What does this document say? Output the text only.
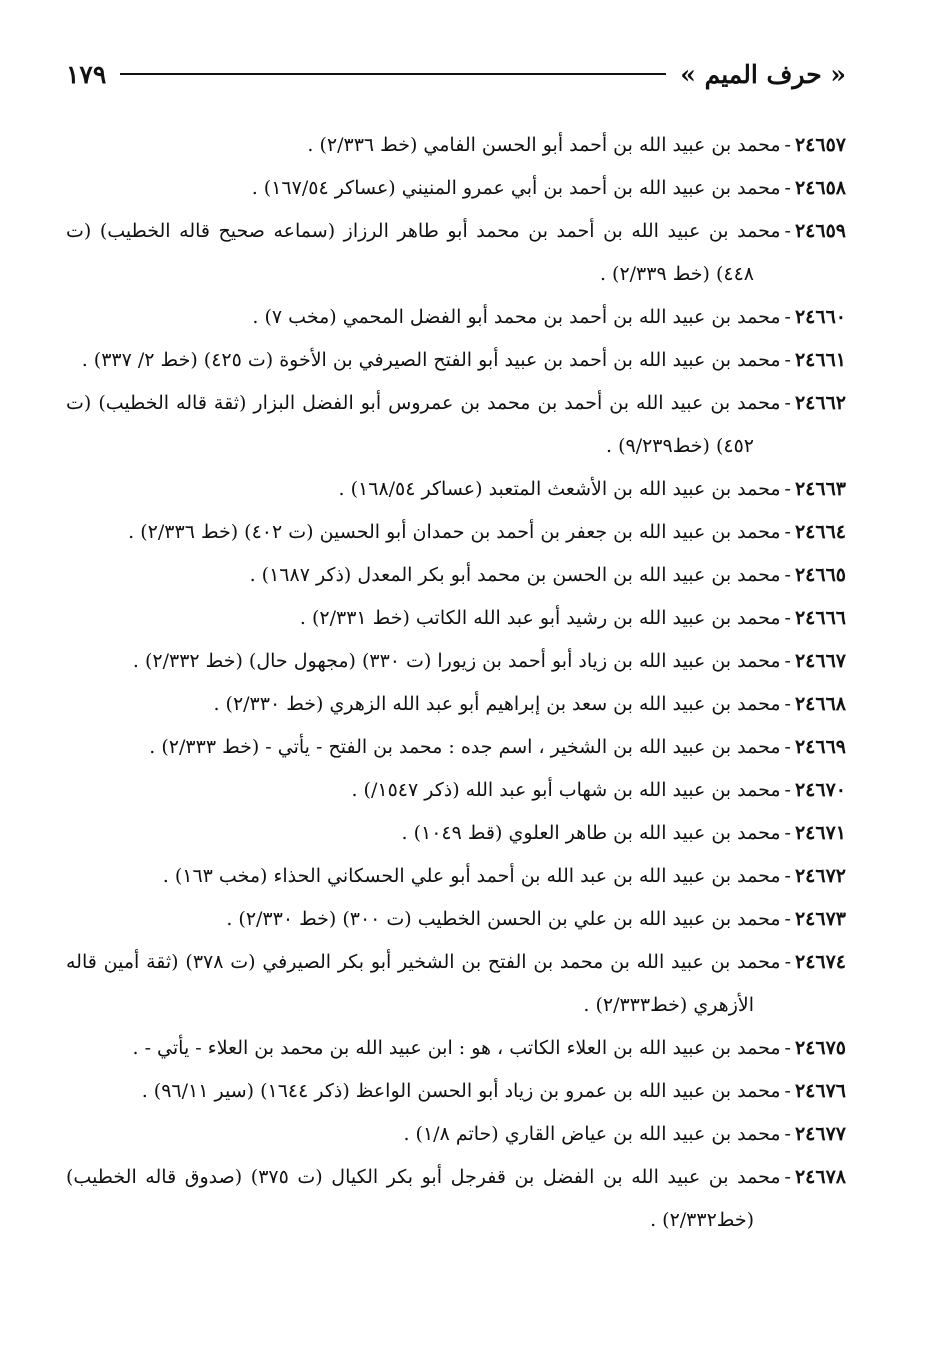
« حرف الميم »
١٧٩
٢٤٦٥٧-محمد بن عبيد الله بن أحمد أبو الحسن الفامي (خط ٢/٣٣٦) .
٢٤٦٥٨-محمد بن عبيد الله بن أحمد بن أبي عمرو المنيني (عساكر ١٦٧/٥٤) .
٢٤٦٥٩-محمد بن عبيد الله بن أحمد بن محمد أبو طاهر الرزاز (سماعه صحيح قاله الخطيب) (ت ٤٤٨) (خط ٢/٣٣٩) .
٢٤٦٦٠-محمد بن عبيد الله بن أحمد بن محمد أبو الفضل المحمي (مخب ٧) .
٢٤٦٦١-محمد بن عبيد الله بن أحمد بن عبيد أبو الفتح الصيرفي بن الأخوة (ت ٤٢٥) (خط ٢/ ٣٣٧) .
٢٤٦٦٢-محمد بن عبيد الله بن أحمد بن محمد بن عمروس أبو الفضل البزار (ثقة قاله الخطيب) (ت ٤٥٢) (خط٩/٢٣٩) .
٢٤٦٦٣-محمد بن عبيد الله بن الأشعث المتعبد (عساكر ١٦٨/٥٤) .
٢٤٦٦٤-محمد بن عبيد الله بن جعفر بن أحمد بن حمدان أبو الحسين (ت ٤٠٢) (خط ٢/٣٣٦) .
٢٤٦٦٥-محمد بن عبيد الله بن الحسن بن محمد أبو بكر المعدل (ذكر ١٦٨٧) .
٢٤٦٦٦-محمد بن عبيد الله بن رشيد أبو عبد الله الكاتب (خط ٢/٣٣١) .
٢٤٦٦٧-محمد بن عبيد الله بن زياد أبو أحمد بن زيورا (ت ٣٣٠) (مجهول حال) (خط ٢/٣٣٢) .
٢٤٦٦٨-محمد بن عبيد الله بن سعد بن إبراهيم أبو عبد الله الزهري (خط ٢/٣٣٠) .
٢٤٦٦٩-محمد بن عبيد الله بن الشخير ، اسم جده : محمد بن الفتح - يأتي - (خط ٢/٣٣٣) .
٢٤٦٧٠-محمد بن عبيد الله بن شهاب أبو عبد الله (ذكر ١٥٤٧/) .
٢٤٦٧١-محمد بن عبيد الله بن طاهر العلوي (قط ١٠٤٩) .
٢٤٦٧٢-محمد بن عبيد الله بن عبد الله بن أحمد أبو علي الحسكاني الحذاء (مخب ١٦٣) .
٢٤٦٧٣-محمد بن عبيد الله بن علي بن الحسن الخطيب (ت ٣٠٠) (خط ٢/٣٣٠) .
٢٤٦٧٤-محمد بن عبيد الله بن محمد بن الفتح بن الشخير أبو بكر الصيرفي (ت ٣٧٨) (ثقة أمين قاله الأزهري (خط٢/٣٣٣) .
٢٤٦٧٥-محمد بن عبيد الله بن العلاء الكاتب ، هو : ابن عبيد الله بن محمد بن العلاء - يأتي - .
٢٤٦٧٦-محمد بن عبيد الله بن عمرو بن زياد أبو الحسن الواعظ (ذكر ١٦٤٤) (سير ٩٦/١١) .
٢٤٦٧٧-محمد بن عبيد الله بن عياض القاري (حاتم ١/٨) .
٢٤٦٧٨-محمد بن عبيد الله بن الفضل بن قفرجل أبو بكر الكيال (ت ٣٧٥) (صدوق قاله الخطيب) (خط٢/٣٣٢) .
